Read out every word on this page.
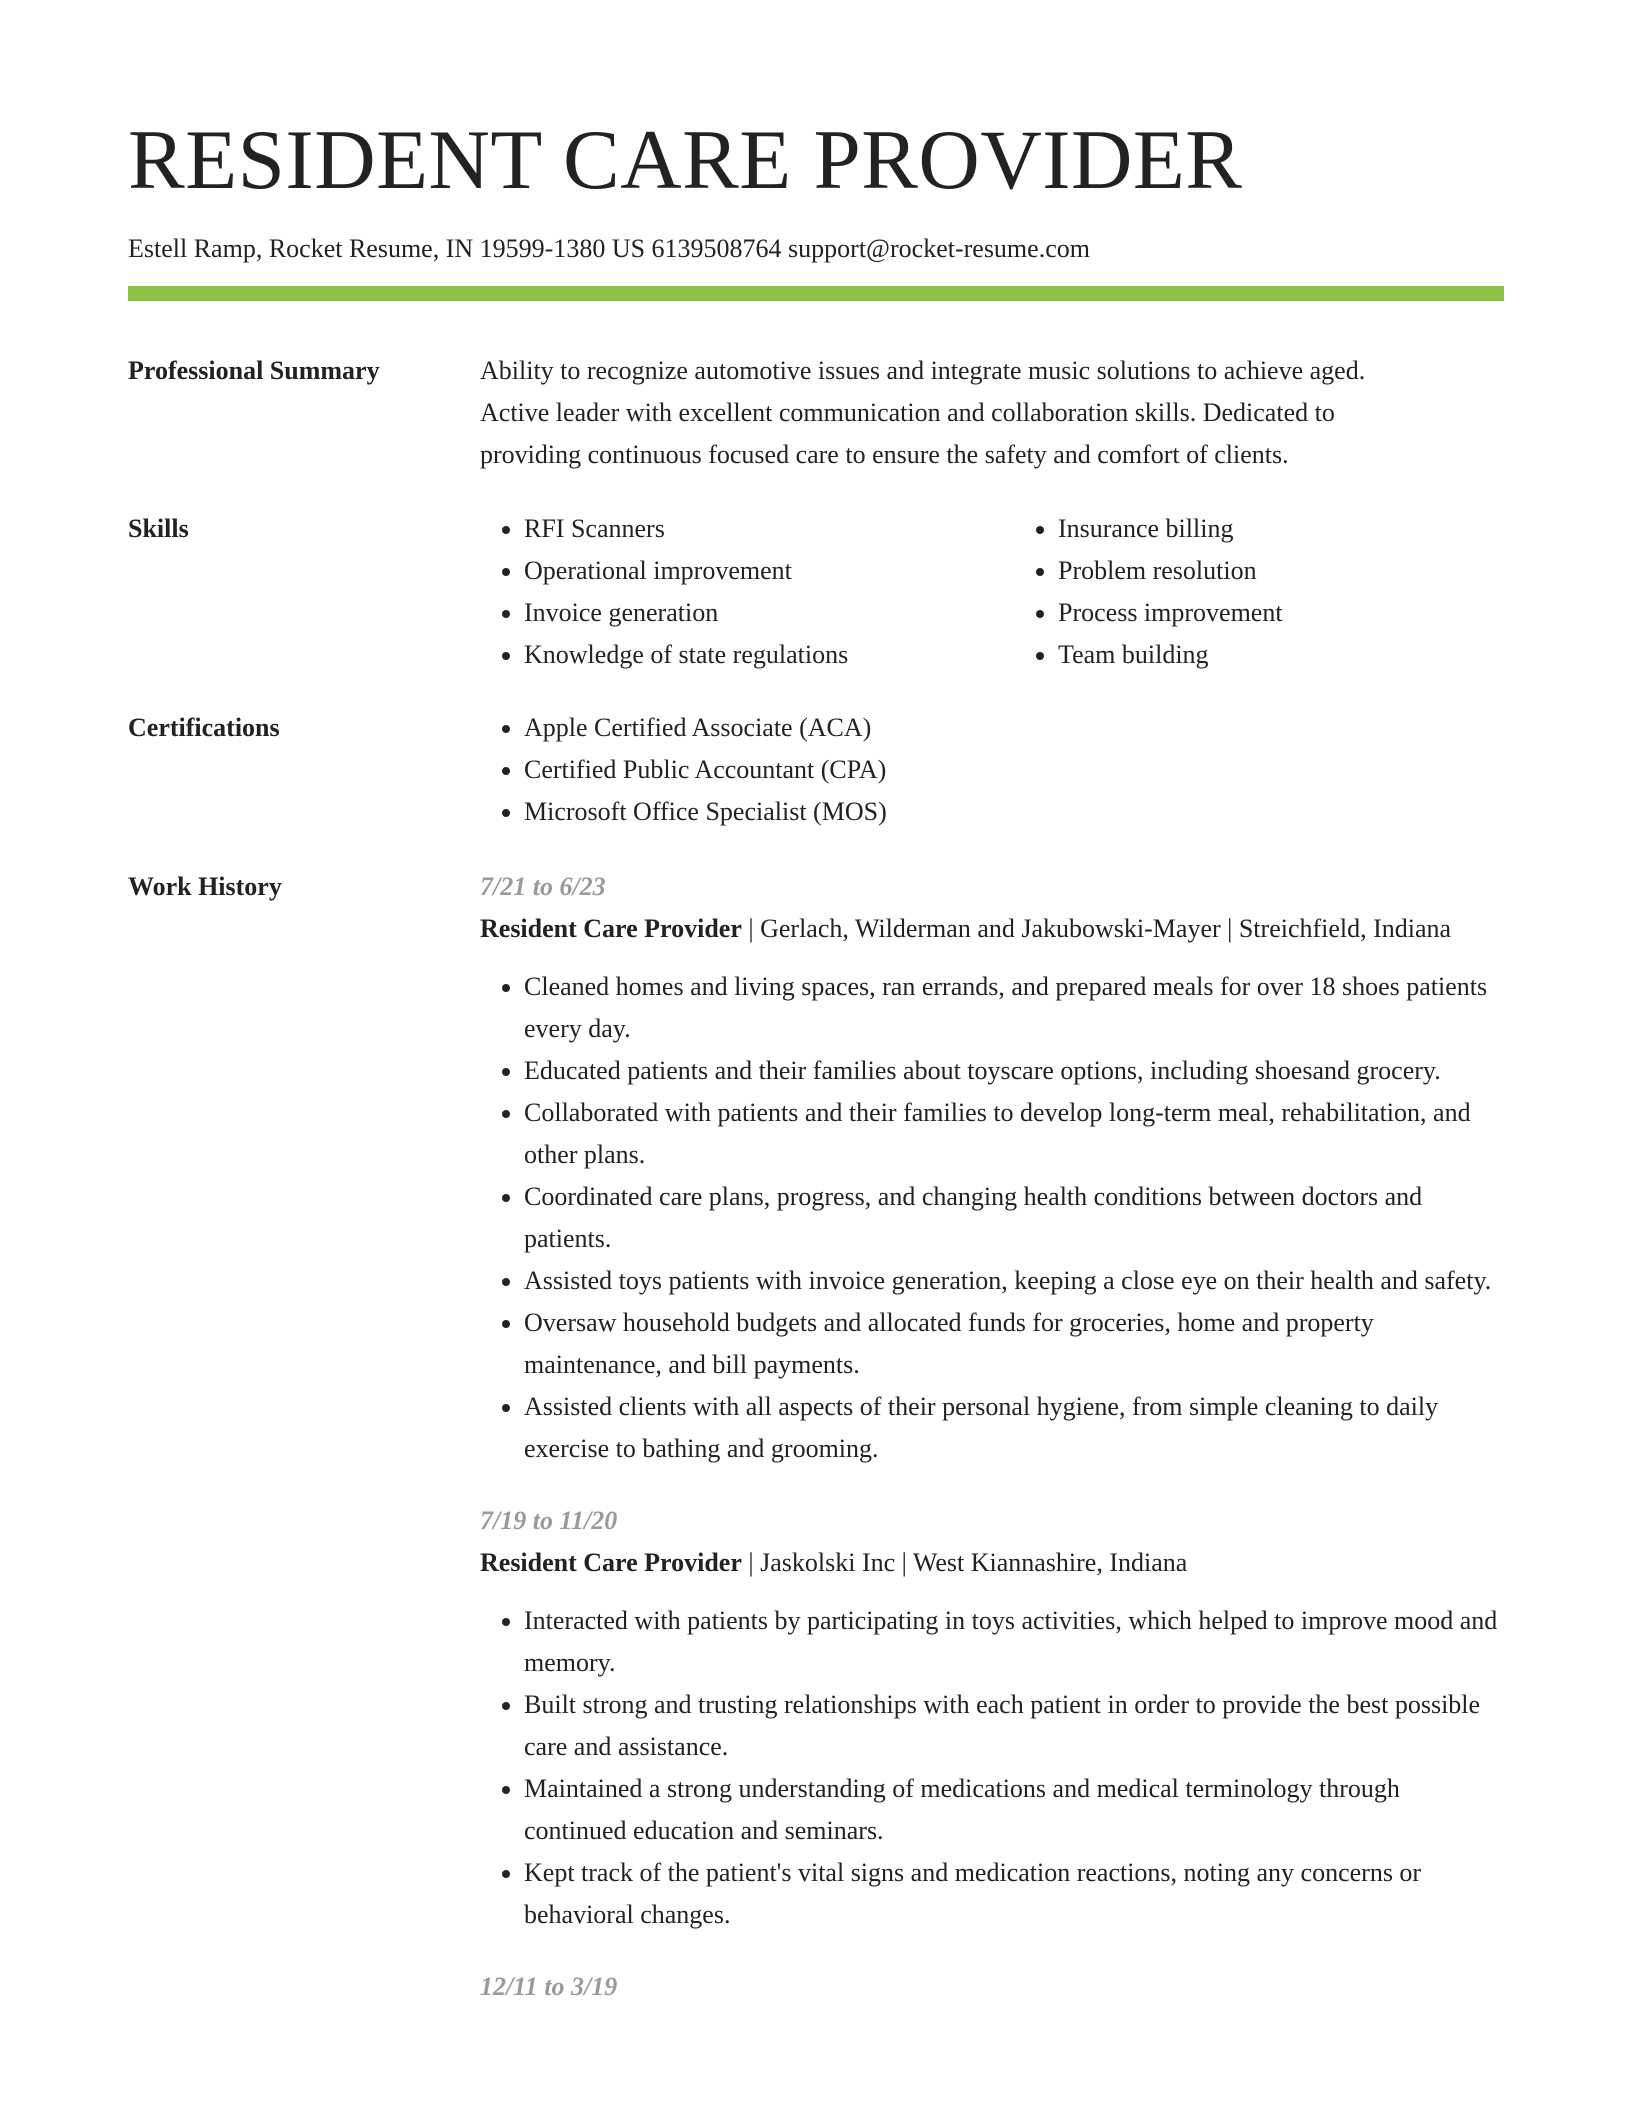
RESIDENT CARE PROVIDER
Estell Ramp, Rocket Resume, IN 19599-1380 US 6139508764 support@rocket-resume.com
Professional Summary	Ability to recognize automotive issues and integrate music solutions to achieve aged.

Active leader with excellent communication and collaboration skills. Dedicated to

providing continuous focused care to ensure the safety and comfort of clients.

Skills	• RFI Scanners
• Operational improvement
• Invoice generation
• Knowledge of state regulations
• Insurance billing
• Problem resolution
• Process improvement
• Team building
Certifications	• Apple Certified Associate (ACA)
• Certified Public Accountant (CPA)
• Microsoft Office Specialist (MOS)
Work History	7/21 to 6/23
Resident Care Provider | Gerlach, Wilderman and Jakubowski-Mayer | Streichfield, Indiana
• Cleaned homes and living spaces, ran errands, and prepared meals for over 18 shoes patients every day.
• Educated patients and their families about toyscare options, including shoesand grocery.
• Collaborated with patients and their families to develop long-term meal, rehabilitation, and other plans.
• Coordinated care plans, progress, and changing health conditions between doctors and patients.
• Assisted toys patients with invoice generation, keeping a close eye on their health and safety.
• Oversaw household budgets and allocated funds for groceries, home and property maintenance, and bill payments.
• Assisted clients with all aspects of their personal hygiene, from simple cleaning to daily exercise to bathing and grooming.
7/19 to 11/20
Resident Care Provider | Jaskolski Inc | West Kiannashire, Indiana
• Interacted with patients by participating in toys activities, which helped to improve mood and memory.
• Built strong and trusting relationships with each patient in order to provide the best possible care and assistance.
• Maintained a strong understanding of medications and medical terminology through continued education and seminars.
• Kept track of the patient's vital signs and medication reactions, noting any concerns or behavioral changes.
12/11 to 3/19
